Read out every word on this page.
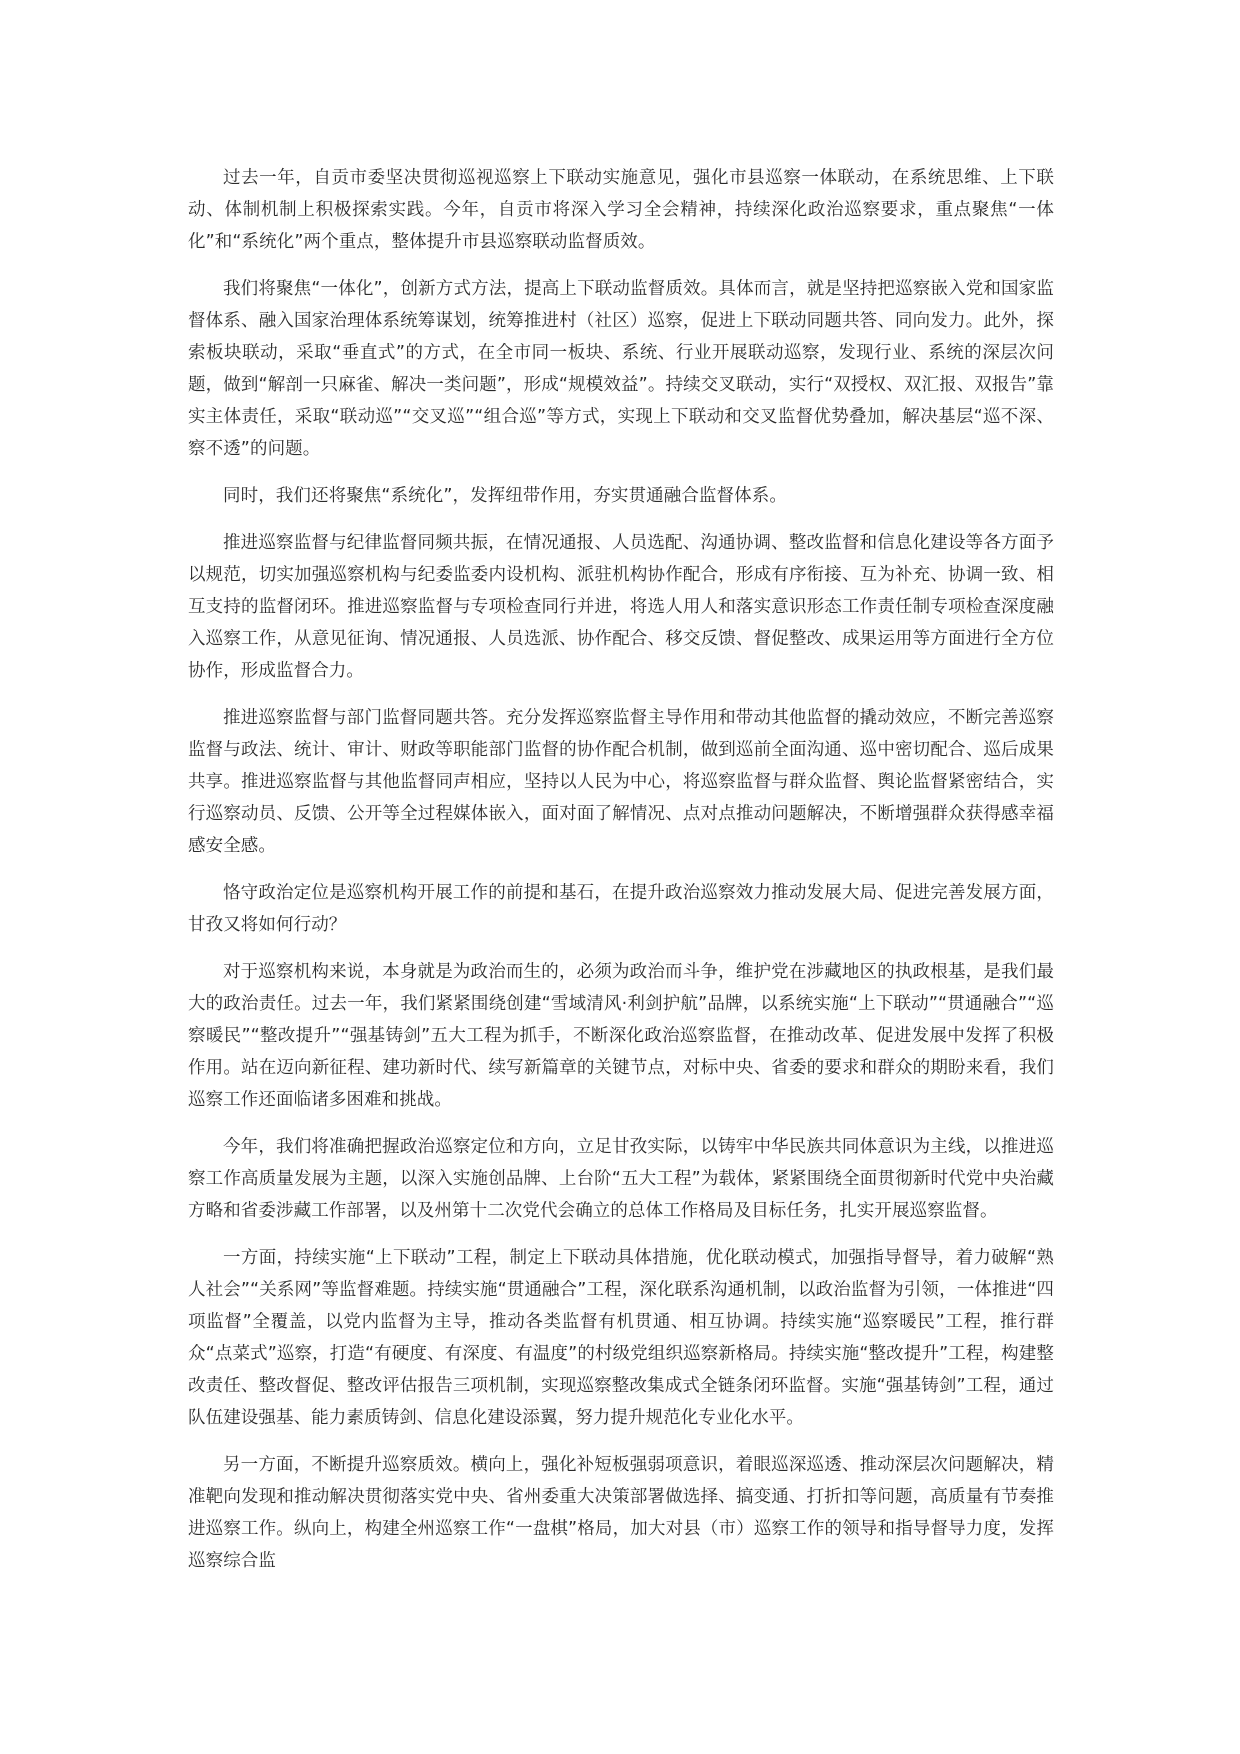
过去一年，自贡市委坚决贯彻巡视巡察上下联动实施意见，强化市县巡察一体联动，在系统思维、上下联动、体制机制上积极探索实践。今年，自贡市将深入学习全会精神，持续深化政治巡察要求，重点聚焦“一体化”和“系统化”两个重点，整体提升市县巡察联动监督质效。

我们将聚焦“一体化”，创新方式方法，提高上下联动监督质效。具体而言，就是坚持把巡察嵌入党和国家监督体系、融入国家治理体系统筹谋划，统筹推进村（社区）巡察，促进上下联动同题共答、同向发力。此外，探索板块联动，采取“垂直式”的方式，在全市同一板块、系统、行业开展联动巡察，发现行业、系统的深层次问题，做到“解剖一只麻雀、解决一类问题”，形成“规模效益”。持续交叉联动，实行“双授权、双汇报、双报告”靠实主体责任，采取“联动巡”“交叉巡”“组合巡”等方式，实现上下联动和交叉监督优势叠加，解决基层“巡不深、察不透”的问题。

同时，我们还将聚焦“系统化”，发挥纽带作用，夯实贯通融合监督体系。

推进巡察监督与纪律监督同频共振，在情况通报、人员选配、沟通协调、整改监督和信息化建设等各方面予以规范，切实加强巡察机构与纪委监委内设机构、派驻机构协作配合，形成有序衔接、互为补充、协调一致、相互支持的监督闭环。推进巡察监督与专项检查同行并进，将选人用人和落实意识形态工作责任制专项检查深度融入巡察工作，从意见征询、情况通报、人员选派、协作配合、移交反馈、督促整改、成果运用等方面进行全方位协作，形成监督合力。

推进巡察监督与部门监督同题共答。充分发挥巡察监督主导作用和带动其他监督的撬动效应，不断完善巡察监督与政法、统计、审计、财政等职能部门监督的协作配合机制，做到巡前全面沟通、巡中密切配合、巡后成果共享。推进巡察监督与其他监督同声相应，坚持以人民为中心，将巡察监督与群众监督、舆论监督紧密结合，实行巡察动员、反馈、公开等全过程媒体嵌入，面对面了解情况、点对点推动问题解决，不断增强群众获得感幸福感安全感。

恪守政治定位是巡察机构开展工作的前提和基石，在提升政治巡察效力推动发展大局、促进完善发展方面，甘孜又将如何行动？

对于巡察机构来说，本身就是为政治而生的，必须为政治而斗争，维护党在涉藏地区的执政根基，是我们最大的政治责任。过去一年，我们紧紧围绕创建“雪域清风·利剑护航”品牌，以系统实施“上下联动”“贯通融合”“巡察暖民”“整改提升”“强基铸剑”五大工程为抓手，不断深化政治巡察监督，在推动改革、促进发展中发挥了积极作用。站在迈向新征程、建功新时代、续写新篇章的关键节点，对标中央、省委的要求和群众的期盼来看，我们巡察工作还面临诸多困难和挑战。

今年，我们将准确把握政治巡察定位和方向，立足甘孜实际，以铸牢中华民族共同体意识为主线，以推进巡察工作高质量发展为主题，以深入实施创品牌、上台阶“五大工程”为载体，紧紧围绕全面贯彻新时代党中央治藏方略和省委涉藏工作部署，以及州第十二次党代会确立的总体工作格局及目标任务，扎实开展巡察监督。

一方面，持续实施“上下联动”工程，制定上下联动具体措施，优化联动模式，加强指导督导，着力破解“熟人社会”“关系网”等监督难题。持续实施“贯通融合”工程，深化联系沟通机制，以政治监督为引领，一体推进“四项监督”全覆盖，以党内监督为主导，推动各类监督有机贯通、相互协调。持续实施“巡察暖民”工程，推行群众“点菜式”巡察，打造“有硬度、有深度、有温度”的村级党组织巡察新格局。持续实施“整改提升”工程，构建整改责任、整改督促、整改评估报告三项机制，实现巡察整改集成式全链条闭环监督。实施“强基铸剑”工程，通过队伍建设强基、能力素质铸剑、信息化建设添翼，努力提升规范化专业化水平。

另一方面，不断提升巡察质效。横向上，强化补短板强弱项意识，着眼巡深巡透、推动深层次问题解决，精准靶向发现和推动解决贯彻落实党中央、省州委重大决策部署做选择、搞变通、打折扣等问题，高质量有节奏推进巡察工作。纵向上，构建全州巡察工作“一盘棋”格局，加大对县（市）巡察工作的领导和指导督导力度，发挥巡察综合监
